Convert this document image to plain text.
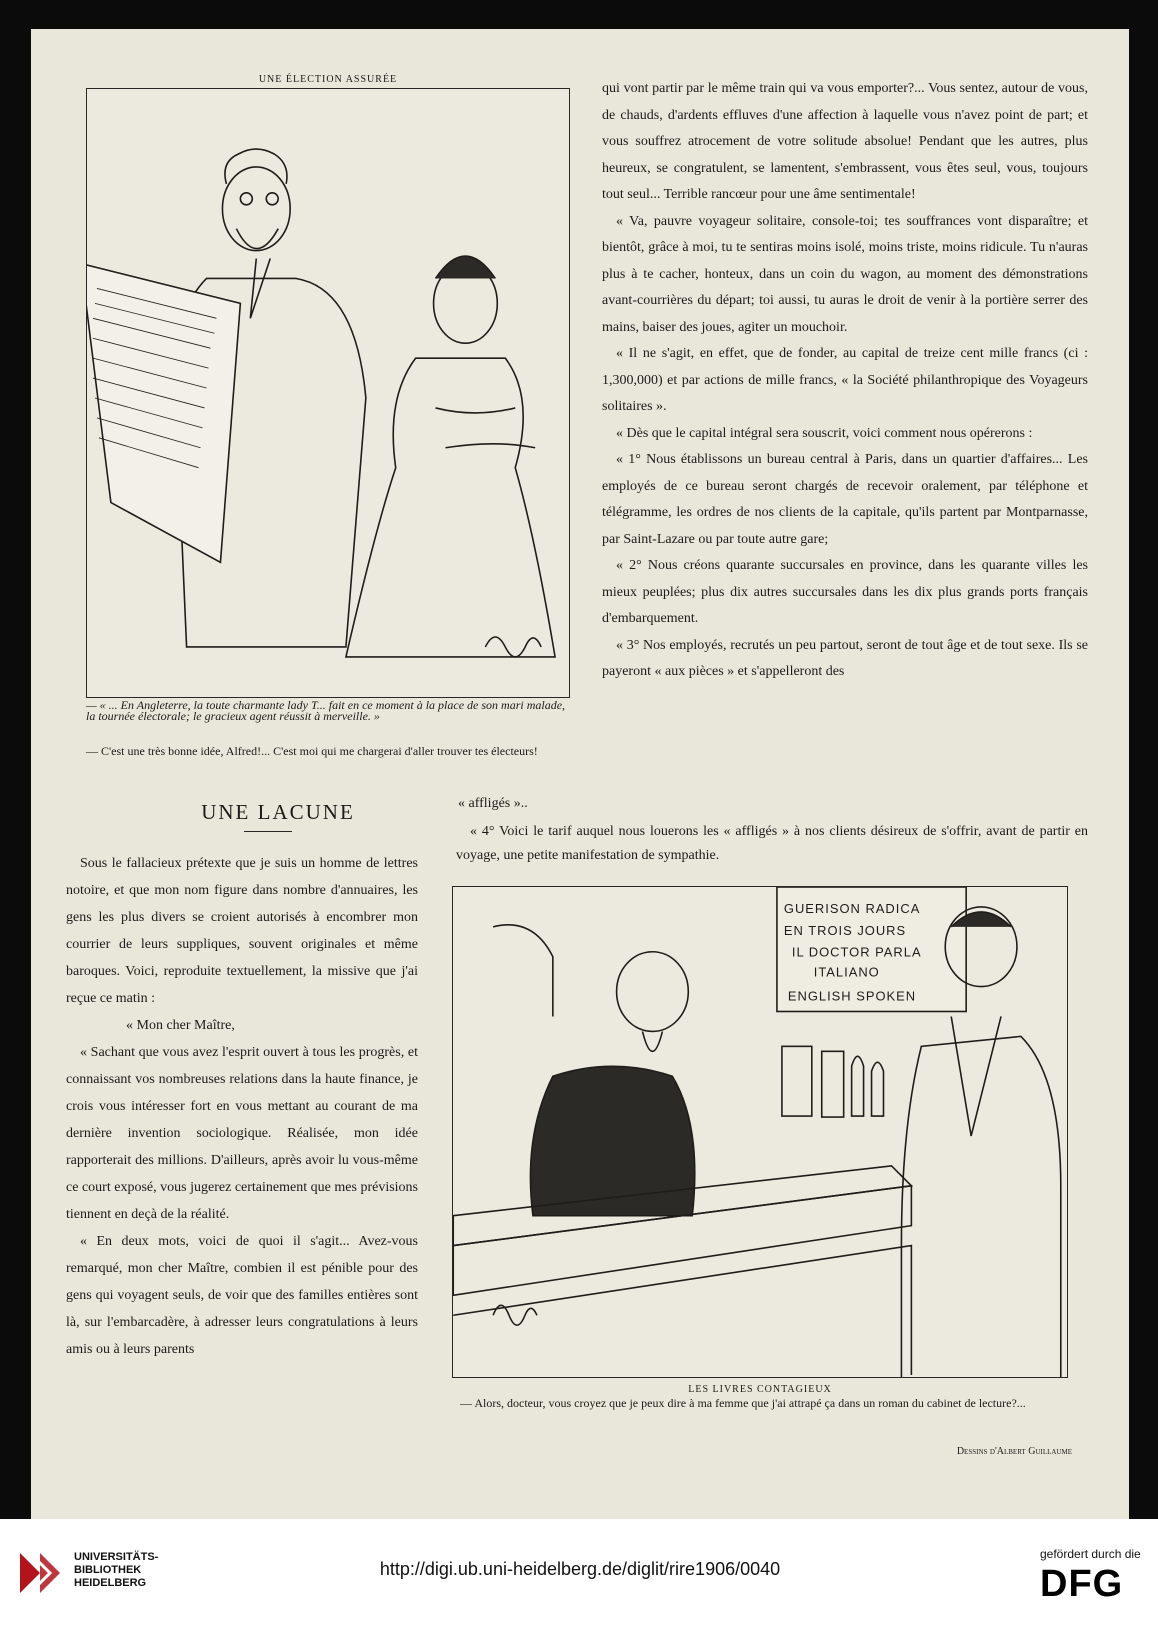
UNE ÉLECTION ASSURÉE
— « ... En Angleterre, la toute charmante lady T... fait en ce moment à la place de son mari malade, la tournée électorale; le gracieux agent réussit à merveille. »
— C'est une très bonne idée, Alfred!... C'est moi qui me chargerai d'aller trouver tes électeurs!
UNE LACUNE

Sous le fallacieux prétexte que je suis un homme de lettres notoire, et que mon nom figure dans nombre d'annuaires, les gens les plus divers se croient autorisés à encombrer mon courrier de leurs suppliques, souvent originales et même baroques. Voici, reproduite textuellement, la missive que j'ai reçue ce matin :

« Mon cher Maître,

« Sachant que vous avez l'esprit ouvert à tous les progrès, et connaissant vos nombreuses relations dans la haute finance, je crois vous intéresser fort en vous mettant au courant de ma dernière invention sociologique. Réalisée, mon idée rapporterait des millions. D'ailleurs, après avoir lu vous-même ce court exposé, vous jugerez certainement que mes prévisions tiennent en deçà de la réalité.

« En deux mots, voici de quoi il s'agit... Avez-vous remarqué, mon cher Maître, combien il est pénible pour des gens qui voyagent seuls, de voir que des familles entières sont là, sur l'embarcadère, à adresser leurs congratulations à leurs amis ou à leurs parents

qui vont partir par le même train qui va vous emporter?... Vous sentez, autour de vous, de chauds, d'ardents effluves d'une affection à laquelle vous n'avez point de part; et vous souffrez atrocement de votre solitude absolue! Pendant que les autres, plus heureux, se congratulent, se lamentent, s'embrassent, vous êtes seul, vous, toujours tout seul... Terrible rancœur pour une âme sentimentale!

« Va, pauvre voyageur solitaire, console-toi; tes souffrances vont disparaître; et bientôt, grâce à moi, tu te sentiras moins isolé, moins triste, moins ridicule. Tu n'auras plus à te cacher, honteux, dans un coin du wagon, au moment des démonstrations avant-courrières du départ; toi aussi, tu auras le droit de venir à la portière serrer des mains, baiser des joues, agiter un mouchoir.

« Il ne s'agit, en effet, que de fonder, au capital de treize cent mille francs (ci : 1,300,000) et par actions de mille francs, « la Société philanthropique des Voyageurs solitaires ».

« Dès que le capital intégral sera souscrit, voici comment nous opérerons :

« 1° Nous établissons un bureau central à Paris, dans un quartier d'affaires... Les employés de ce bureau seront chargés de recevoir oralement, par téléphone et télégramme, les ordres de nos clients de la capitale, qu'ils partent par Montparnasse, par Saint-Lazare ou par toute autre gare;

« 2° Nous créons quarante succursales en province, dans les quarante villes les mieux peuplées; plus dix autres succursales dans les dix plus grands ports français d'embarquement.

« 3° Nos employés, recrutés un peu partout, seront de tout âge et de tout sexe. Ils se payeront « aux pièces » et s'appelleront des

« affligés »..
« 4° Voici le tarif auquel nous louerons les « affligés » à nos clients désireux de s'offrir, avant de partir en voyage, une petite manifestation de sympathie.
GUERISON RADICA
EN TROIS JOURS
IL DOCTOR PARLA
ITALIANO
ENGLISH SPOKEN
LES LIVRES CONTAGIEUX
— Alors, docteur, vous croyez que je peux dire à ma femme que j'ai attrapé ça dans un roman du cabinet de lecture?...
Dessins d'Albert Guillaume
UNIVERSITÄTS-
BIBLIOTHEK
HEIDELBERG
http://digi.ub.uni-heidelberg.de/diglit/rire1906/0040
gefördert durch die
DFG
